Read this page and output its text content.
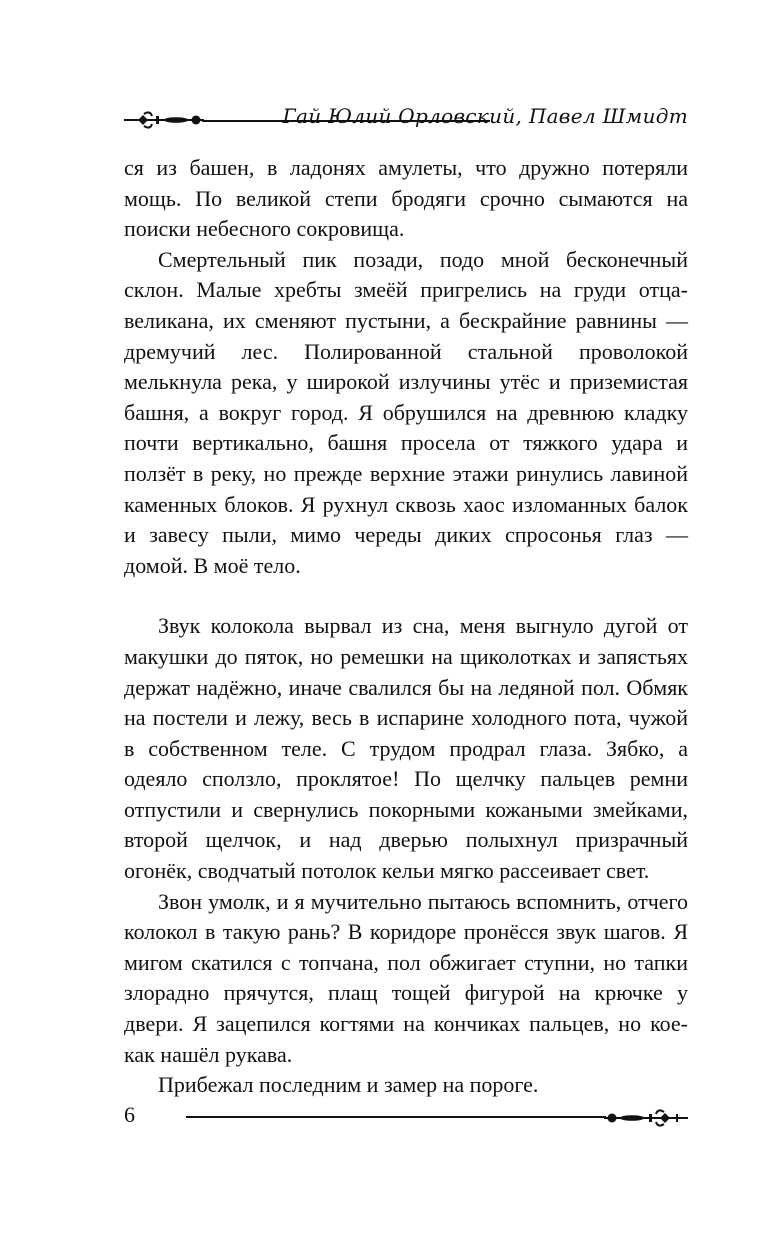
Гай Юлий Орловский, Павел Шмидт

ся из башен, в ладонях амулеты, что дружно потеряли мощь. По великой степи бродяги срочно сымаются на поиски небесного сокровища.

Смертельный пик позади, подо мной бесконечный склон. Малые хребты змеёй пригрелись на груди отца-великана, их сменяют пустыни, а бескрайние равнины — дремучий лес. Полированной стальной проволокой мелькнула река, у широкой излучины утёс и приземистая башня, а вокруг город. Я обрушился на древнюю кладку почти вертикально, башня просела от тяжкого удара и ползёт в реку, но прежде верхние этажи ринулись лавиной каменных блоков. Я рухнул сквозь хаос изломанных балок и завесу пыли, мимо череды диких спросонья глаз — домой. В моё тело.

Звук колокола вырвал из сна, меня выгнуло дугой от макушки до пяток, но ремешки на щиколотках и запястьях держат надёжно, иначе свалился бы на ледяной пол. Обмяк на постели и лежу, весь в испарине холодного пота, чужой в собственном теле. С трудом продрал глаза. Зябко, а одеяло сползло, проклятое! По щелчку пальцев ремни отпустили и свернулись покорными кожаными змейками, второй щелчок, и над дверью полыхнул призрачный огонёк, сводчатый потолок кельи мягко рассеивает свет.

Звон умолк, и я мучительно пытаюсь вспомнить, отчего колокол в такую рань? В коридоре пронёсся звук шагов. Я мигом скатился с топчана, пол обжигает ступни, но тапки злорадно прячутся, плащ тощей фигурой на крючке у двери. Я зацепился когтями на кончиках пальцев, но кое-как нашёл рукава.

Прибежал последним и замер на пороге.

6
